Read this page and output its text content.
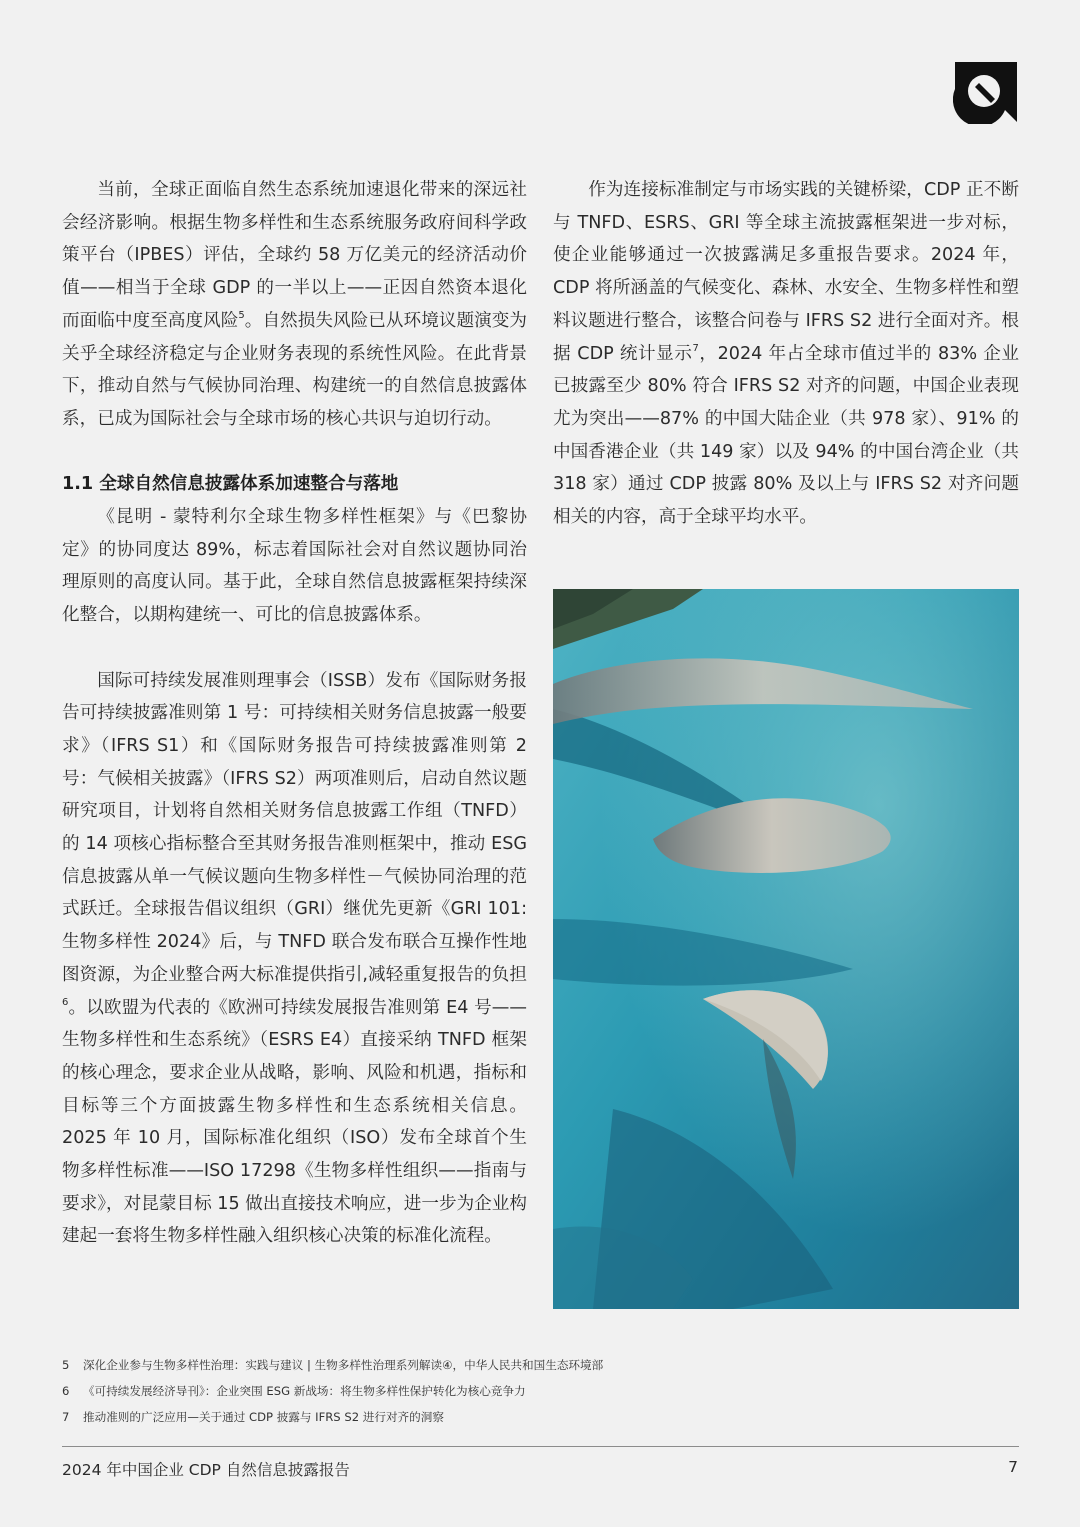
当前，全球正面临自然生态系统加速退化带来的深远社会经济影响。根据生物多样性和生态系统服务政府间科学政策平台（IPBES）评估，全球约 58 万亿美元的经济活动价值——相当于全球 GDP 的一半以上——正因自然资本退化而面临中度至高度风险$^5$。自然损失风险已从环境议题演变为关乎全球经济稳定与企业财务表现的系统性风险。在此背景下，推动自然与气候协同治理、构建统一的自然信息披露体系，已成为国际社会与全球市场的核心共识与迫切行动。

1.1 全球自然信息披露体系加速整合与落地

《昆明 - 蒙特利尔全球生物多样性框架》与《巴黎协定》的协同度达 89%，标志着国际社会对自然议题协同治理原则的高度认同。基于此，全球自然信息披露框架持续深化整合，以期构建统一、可比的信息披露体系。

国际可持续发展准则理事会（ISSB）发布《国际财务报告可持续披露准则第 1 号：可持续相关财务信息披露一般要求》（IFRS S1）和《国际财务报告可持续披露准则第 2 号：气候相关披露》（IFRS S2）两项准则后，启动自然议题研究项目，计划将自然相关财务信息披露工作组（TNFD）的 14 项核心指标整合至其财务报告准则框架中，推动 ESG 信息披露从单一气候议题向生物多样性－气候协同治理的范式跃迁。全球报告倡议组织（GRI）继优先更新《GRI 101: 生物多样性 2024》后，与 TNFD 联合发布联合互操作性地图资源，为企业整合两大标准提供指引,减轻重复报告的负担$^6$。以欧盟为代表的《欧洲可持续发展报告准则第 E4 号——生物多样性和生态系统》（ESRS E4）直接采纳 TNFD 框架的核心理念，要求企业从战略，影响、风险和机遇，指标和目标等三个方面披露生物多样性和生态系统相关信息。2025 年 10 月，国际标准化组织（ISO）发布全球首个生物多样性标准——ISO 17298《生物多样性组织——指南与要求》，对昆蒙目标 15 做出直接技术响应，进一步为企业构建起一套将生物多样性融入组织核心决策的标准化流程。

作为连接标准制定与市场实践的关键桥梁，CDP 正不断与 TNFD、ESRS、GRI 等全球主流披露框架进一步对标，使企业能够通过一次披露满足多重报告要求。2024 年，CDP 将所涵盖的气候变化、森林、水安全、生物多样性和塑料议题进行整合，该整合问卷与 IFRS S2 进行全面对齐。根据 CDP 统计显示$^7$，2024 年占全球市值过半的 83% 企业已披露至少 80% 符合 IFRS S2 对齐的问题，中国企业表现尤为突出——87% 的中国大陆企业（共 978 家）、91% 的中国香港企业（共 149 家）以及 94% 的中国台湾企业（共 318 家）通过 CDP 披露 80% 及以上与 IFRS S2 对齐问题相关的内容，高于全球平均水平。

5	深化企业参与生物多样性治理：实践与建议 | 生物多样性治理系列解读④，中华人民共和国生态环境部
6	《可持续发展经济导刊》：企业突围 ESG 新战场：将生物多样性保护转化为核心竞争力
7	推动准则的广泛应用—关于通过 CDP 披露与 IFRS S2 进行对齐的洞察
2024 年中国企业 CDP 自然信息披露报告	7
